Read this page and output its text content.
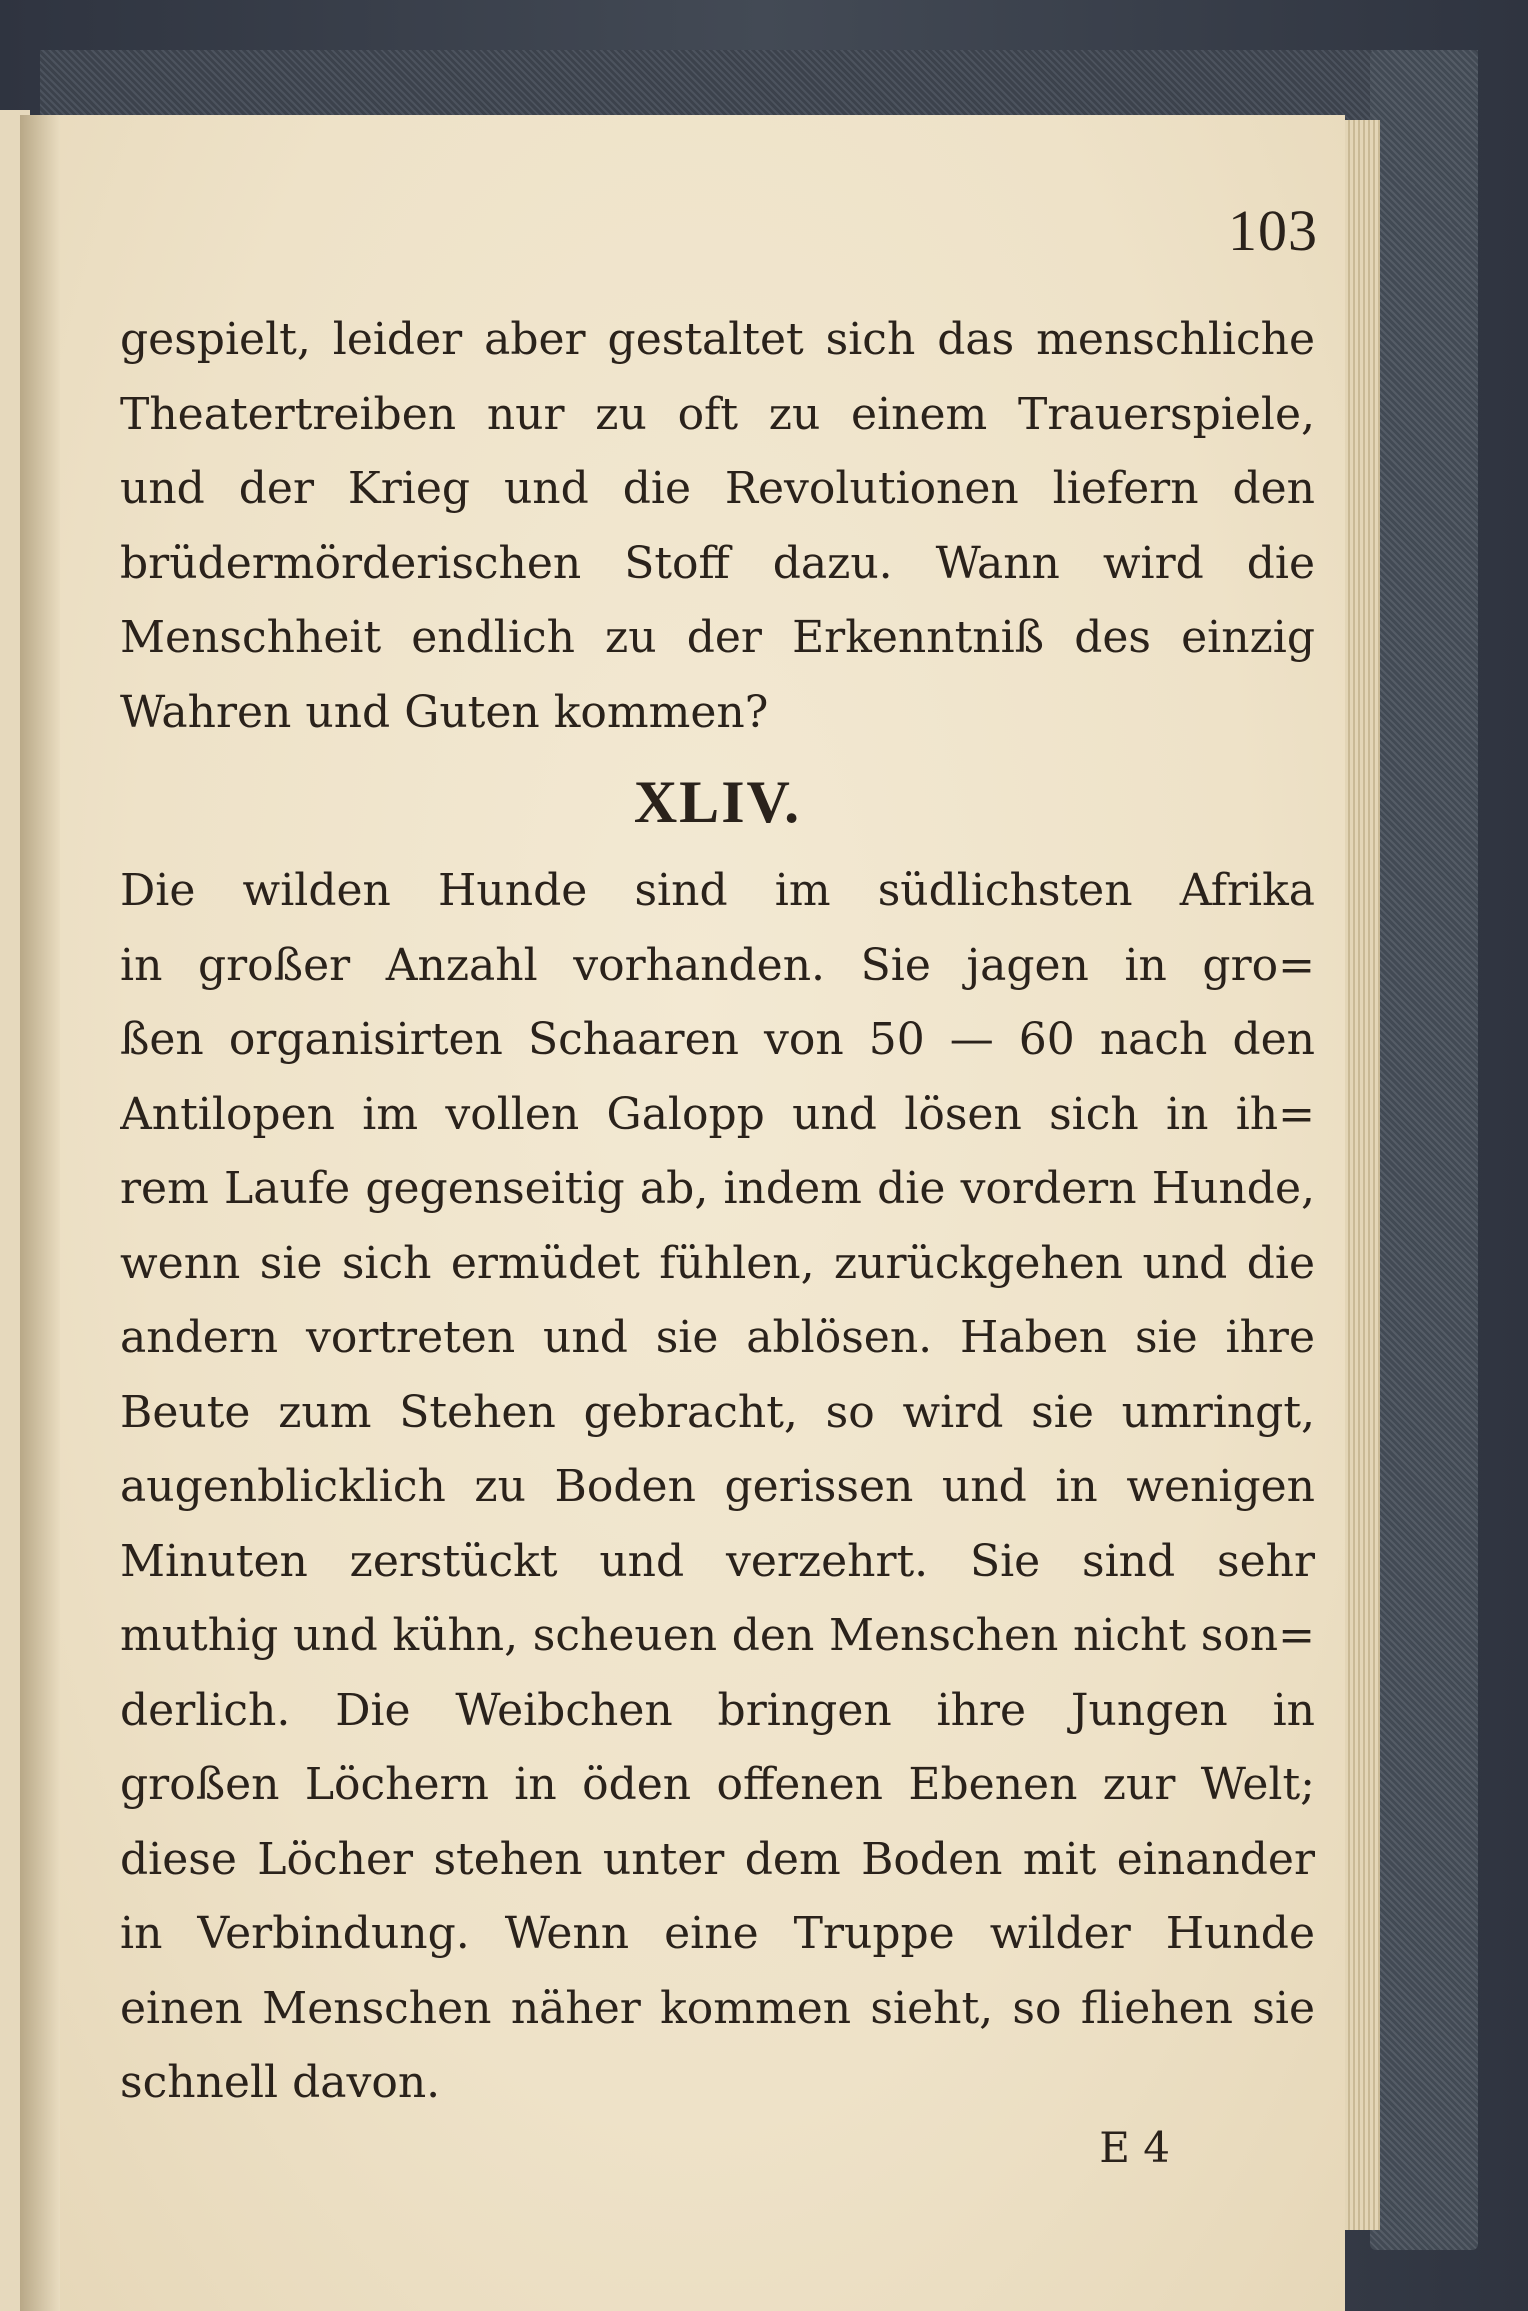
103
gespielt, leider aber gestaltet sich das menschliche
Theatertreiben nur zu oft zu einem Trauerspiele,
und der Krieg und die Revolutionen liefern den
brüdermörderischen Stoff dazu. Wann wird die
Menschheit endlich zu der Erkenntniß des einzig
Wahren und Guten kommen?
XLIV.
Die wilden Hunde sind im südlichsten Afrika
in großer Anzahl vorhanden. Sie jagen in gro=
ßen organisirten Schaaren von 50 — 60 nach den
Antilopen im vollen Galopp und lösen sich in ih=
rem Laufe gegenseitig ab, indem die vordern Hunde,
wenn sie sich ermüdet fühlen, zurückgehen und die
andern vortreten und sie ablösen. Haben sie ihre
Beute zum Stehen gebracht, so wird sie umringt,
augenblicklich zu Boden gerissen und in wenigen
Minuten zerstückt und verzehrt. Sie sind sehr
muthig und kühn, scheuen den Menschen nicht son=
derlich. Die Weibchen bringen ihre Jungen in
großen Löchern in öden offenen Ebenen zur Welt;
diese Löcher stehen unter dem Boden mit einander
in Verbindung. Wenn eine Truppe wilder Hunde
einen Menschen näher kommen sieht, so fliehen sie
schnell davon.
E 4
